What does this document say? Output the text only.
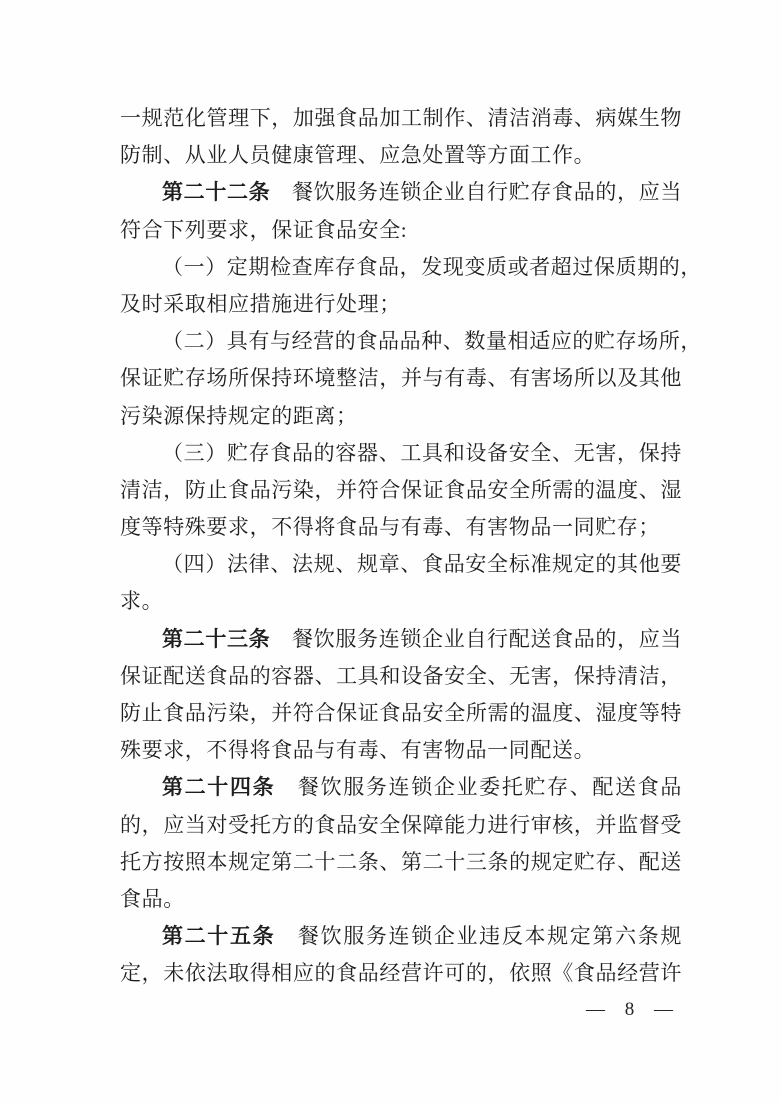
一规范化管理下，加强食品加工制作、清洁消毒、病媒生物
防制、从业人员健康管理、应急处置等方面工作。
第二十二条　餐饮服务连锁企业自行贮存食品的，应当
符合下列要求，保证食品安全:
（一）定期检查库存食品，发现变质或者超过保质期的，
及时采取相应措施进行处理；
（二）具有与经营的食品品种、数量相适应的贮存场所，
保证贮存场所保持环境整洁，并与有毒、有害场所以及其他
污染源保持规定的距离；
（三）贮存食品的容器、工具和设备安全、无害，保持
清洁，防止食品污染，并符合保证食品安全所需的温度、湿
度等特殊要求，不得将食品与有毒、有害物品一同贮存；
（四）法律、法规、规章、食品安全标准规定的其他要
求。
第二十三条　餐饮服务连锁企业自行配送食品的，应当
保证配送食品的容器、工具和设备安全、无害，保持清洁，
防止食品污染，并符合保证食品安全所需的温度、湿度等特
殊要求，不得将食品与有毒、有害物品一同配送。
第二十四条　餐饮服务连锁企业委托贮存、配送食品
的，应当对受托方的食品安全保障能力进行审核，并监督受
托方按照本规定第二十二条、第二十三条的规定贮存、配送
食品。
第二十五条　餐饮服务连锁企业违反本规定第六条规
定，未依法取得相应的食品经营许可的，依照《食品经营许
— 8 —
